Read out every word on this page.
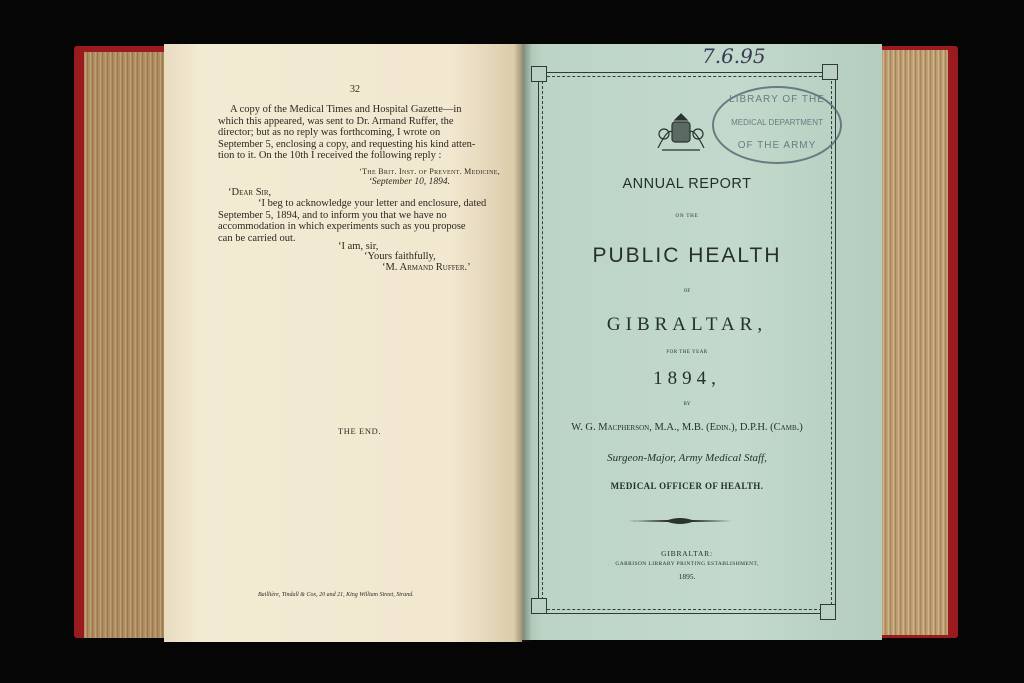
32
A copy of the Medical Times and Hospital Gazette—in
which this appeared, was sent to Dr. Armand Ruffer, the
director; but as no reply was forthcoming, I wrote on
September 5, enclosing a copy, and requesting his kind atten-
tion to it. On the 10th I received the following reply :
‘The Brit. Inst. of Prevent. Medicine,
‘September 10, 1894.
‘Dear Sir,
‘I beg to acknowledge your letter and enclosure, dated
September 5, 1894, and to inform you that we have no
accommodation in which experiments such as you propose
can be carried out.
‘I am, sir,
‘Yours faithfully,
‘M. Armand Ruffer.’
THE END.
Baillière, Tindall & Cox, 20 and 21, King William Street, Strand.
7.6.95
LIBRARY OF THE
MEDICAL DEPARTMENT
OF THE ARMY
ANNUAL REPORT
ON THE
PUBLIC HEALTH
OF
GIBRALTAR,
FOR THE YEAR
1894,
BY
W. G. Macpherson, M.A., M.B. (Edin.), D.P.H. (Camb.)
Surgeon-Major, Army Medical Staff,
MEDICAL OFFICER OF HEALTH.
GIBRALTAR:
GARRISON LIBRARY PRINTING ESTABLISHMENT,
1895.
